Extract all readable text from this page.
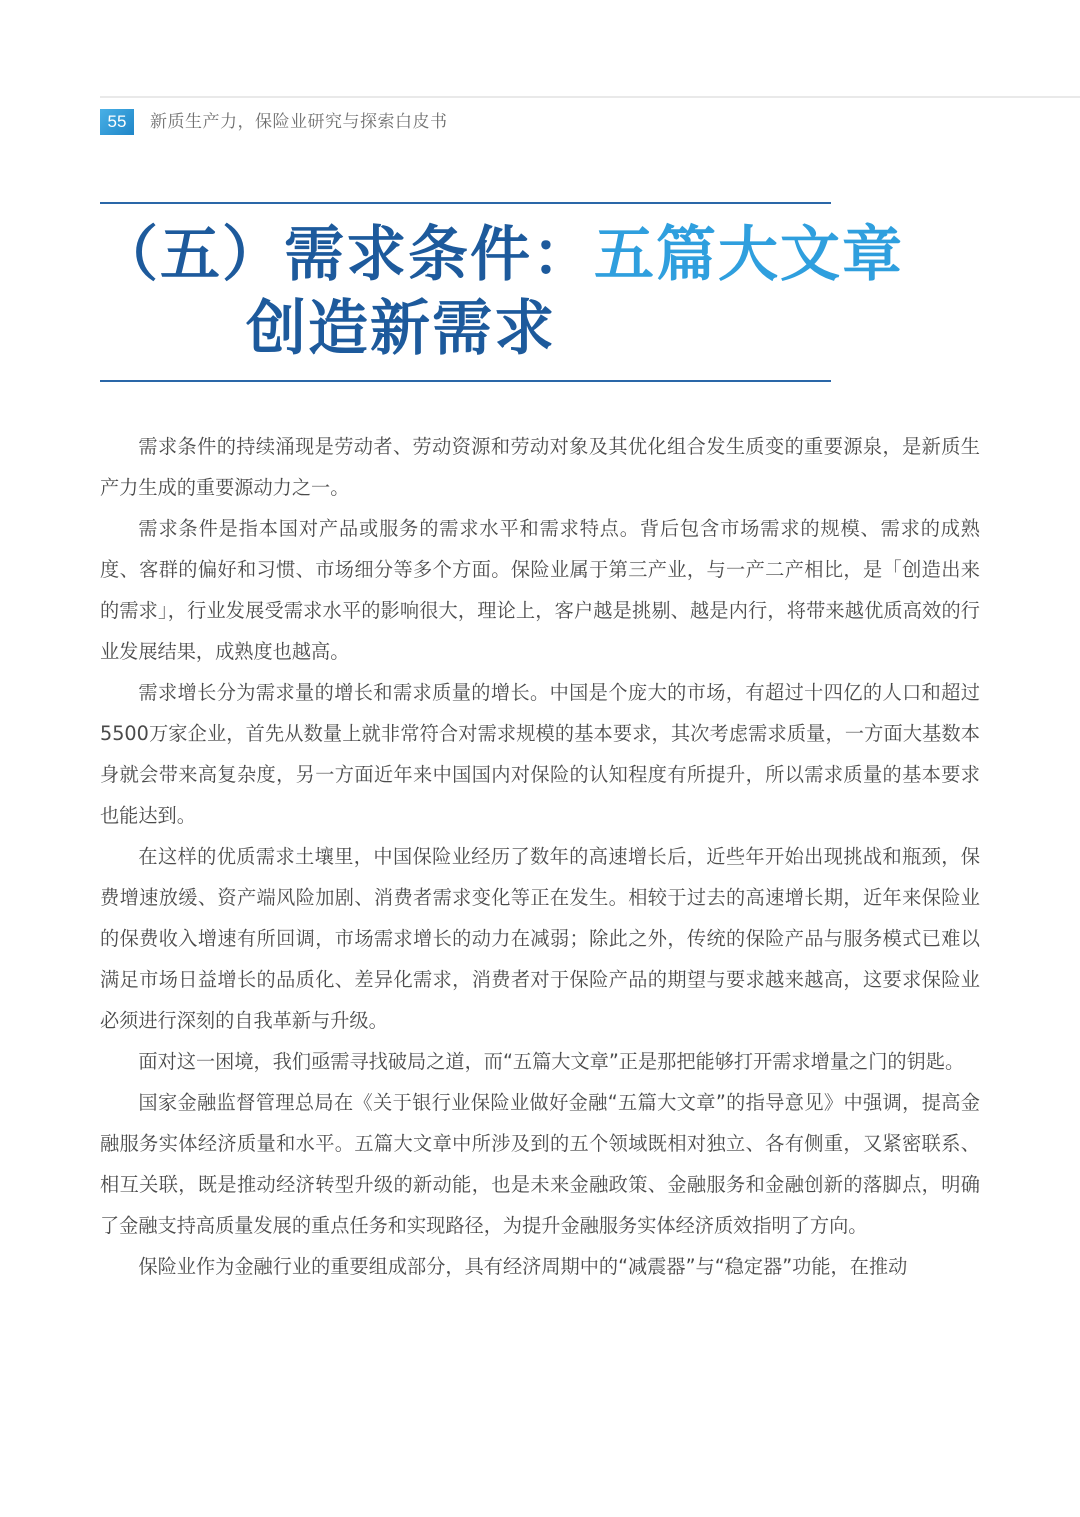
55	新质生产力，保险业研究与探索白皮书
（五）需求条件：五篇大文章
创造新需求

需求条件的持续涌现是劳动者、劳动资源和劳动对象及其优化组合发生质变的重要源泉，是新质生产力生成的重要源动力之一。

需求条件是指本国对产品或服务的需求水平和需求特点。背后包含市场需求的规模、需求的成熟度、客群的偏好和习惯、市场细分等多个方面。保险业属于第三产业，与一产二产相比，是「创造出来的需求」，行业发展受需求水平的影响很大，理论上，客户越是挑剔、越是内行，将带来越优质高效的行业发展结果，成熟度也越高。

需求增长分为需求量的增长和需求质量的增长。中国是个庞大的市场，有超过十四亿的人口和超过5500万家企业，首先从数量上就非常符合对需求规模的基本要求，其次考虑需求质量，一方面大基数本身就会带来高复杂度，另一方面近年来中国国内对保险的认知程度有所提升，所以需求质量的基本要求也能达到。

在这样的优质需求土壤里，中国保险业经历了数年的高速增长后，近些年开始出现挑战和瓶颈，保费增速放缓、资产端风险加剧、消费者需求变化等正在发生。相较于过去的高速增长期，近年来保险业的保费收入增速有所回调，市场需求增长的动力在减弱；除此之外，传统的保险产品与服务模式已难以满足市场日益增长的品质化、差异化需求，消费者对于保险产品的期望与要求越来越高，这要求保险业必须进行深刻的自我革新与升级。

面对这一困境，我们亟需寻找破局之道，而“五篇大文章”正是那把能够打开需求增量之门的钥匙。

国家金融监督管理总局在《关于银行业保险业做好金融“五篇大文章”的指导意见》中强调，提高金融服务实体经济质量和水平。五篇大文章中所涉及到的五个领域既相对独立、各有侧重，又紧密联系、相互关联，既是推动经济转型升级的新动能，也是未来金融政策、金融服务和金融创新的落脚点，明确了金融支持高质量发展的重点任务和实现路径，为提升金融服务实体经济质效指明了方向。

保险业作为金融行业的重要组成部分，具有经济周期中的“减震器”与“稳定器”功能，在推动
